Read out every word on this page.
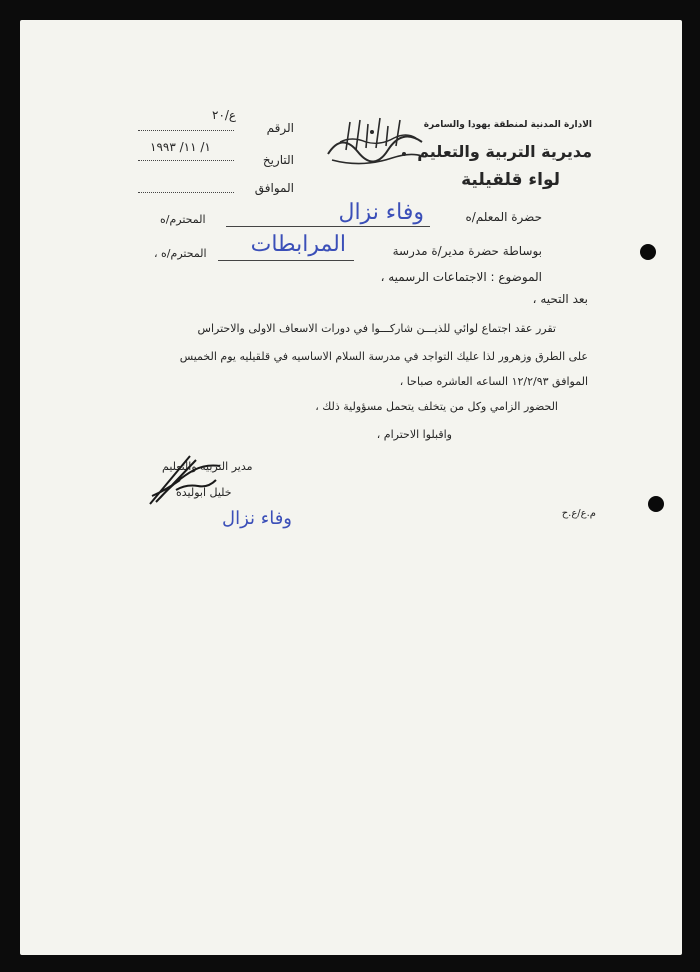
الادارة المدنية لمنطقة يهودا والسامرة
مديرية التربية والتعليم
لواء قلقيلية
ع/٢٠
الرقم
١/ ١١/ ١٩٩٣
التاريخ
الموافق
حضرة المعلم/ه
وفاء نزال
المحترم/ه
بوساطة حضرة مدير/ة مدرسة
المرابطات
المحترم/ه ،
الموضوع : الاجتماعات الرسميه ،
بعد التحيه ،
تقرر عقد اجتماع لوائي للذيـــن شاركـــوا في دورات الاسعاف الاولى والاحتراس
على الطرق وزهرور لذا عليك التواجد في مدرسة السلام الاساسيه في قلقيليه يوم الخميس
الموافق ١٢/٢/٩٣ الساعه العاشره صباحا ،
الحضور الزامي وكل من يتخلف يتحمل مسؤولية ذلك ،
واقبلوا الاحترام ،
مدير التربيه والتعليم
خليل ابوليده
وفاء نزال	م.ع/ع.ح
